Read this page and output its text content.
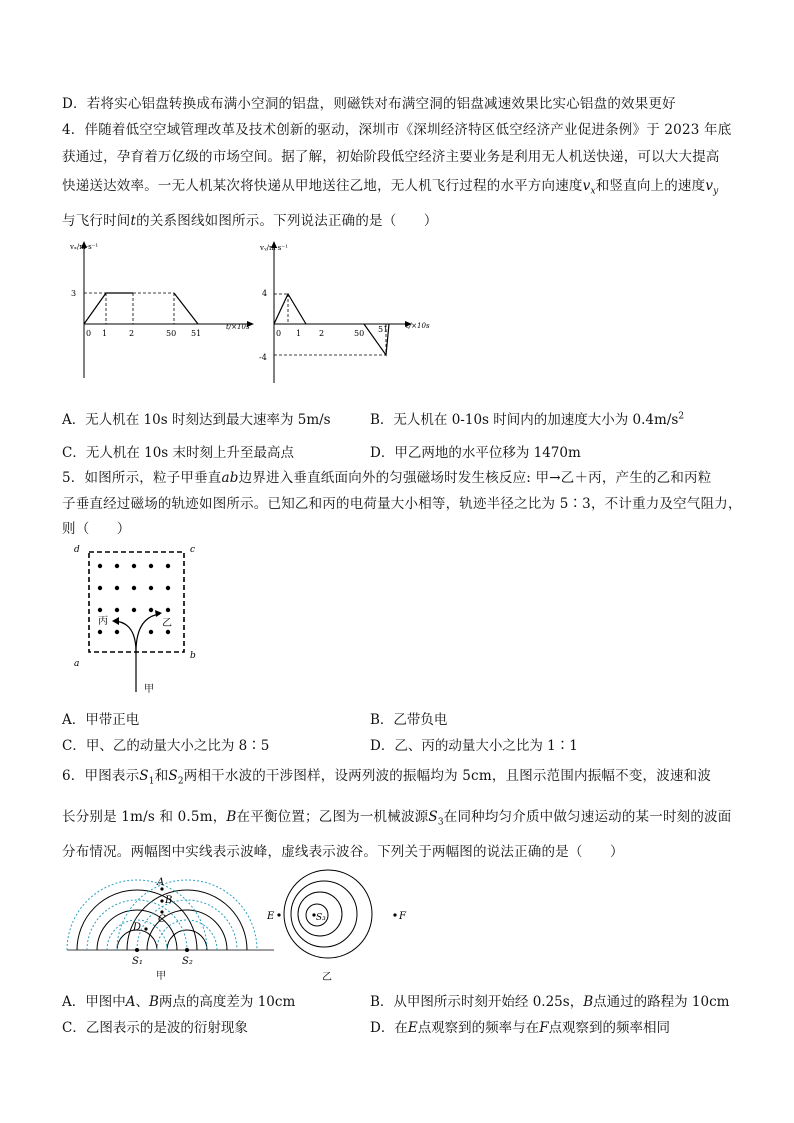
D．若将实心铝盘转换成布满小空洞的铝盘，则磁铁对布满空洞的铝盘减速效果比实心铝盘的效果更好
4．伴随着低空空域管理改革及技术创新的驱动，深圳市《深圳经济特区低空经济产业促进条例》于 2023 年底
获通过，孕育着万亿级的市场空间。据了解，初始阶段低空经济主要业务是利用无人机送快递，可以大大提高
快递送达效率。一无人机某次将快递从甲地送往乙地，无人机飞行过程的水平方向速度$v_x$和竖直向上的速度$v_y$
与飞行时间t的关系图线如图所示。下列说法正确的是（　　）
vₓ/m·s⁻¹
t/×10s
3
0 1	2	50 51
vᵧ/m·s⁻¹
t/×10s
4
-4
0 1 2	50 51
A．无人机在 10s 时刻达到最大速率为 5m/s	B．无人机在 0-10s 时间内的加速度大小为 $0.4m/s^2$
C．无人机在 10s 末时刻上升至最高点	D．甲乙两地的水平位移为 1470m
5．如图所示，粒子甲垂直ab边界进入垂直纸面向外的匀强磁场时发生核反应: 甲→乙＋丙，产生的乙和丙粒
子垂直经过磁场的轨迹如图所示。已知乙和丙的电荷量大小相等，轨迹半径之比为 5∶3，不计重力及空气阻力，
则（　　）
d	c
a
b
丙	乙
甲
A．甲带正电	B．乙带负电
C．甲、乙的动量大小之比为 8∶5	D．乙、丙的动量大小之比为 1∶1
6．甲图表示$S_1$和$S_2$两相干水波的干涉图样，设两列波的振幅均为 5cm，且图示范围内振幅不变，波速和波
长分别是 1m/s 和 0.5m，B在平衡位置；乙图为一机械波源$S_3$在同种均匀介质中做匀速运动的某一时刻的波面
分布情况。两幅图中实线表示波峰，虚线表示波谷。下列关于两幅图的说法正确的是（　　）
A
B
C
D
S₁	S₂
甲
S₃
E	F
乙
A．甲图中A、B两点的高度差为 10cm	B．从甲图所示时刻开始经 0.25s，B点通过的路程为 10cm
C．乙图表示的是波的衍射现象	D．在E点观察到的频率与在F点观察到的频率相同
